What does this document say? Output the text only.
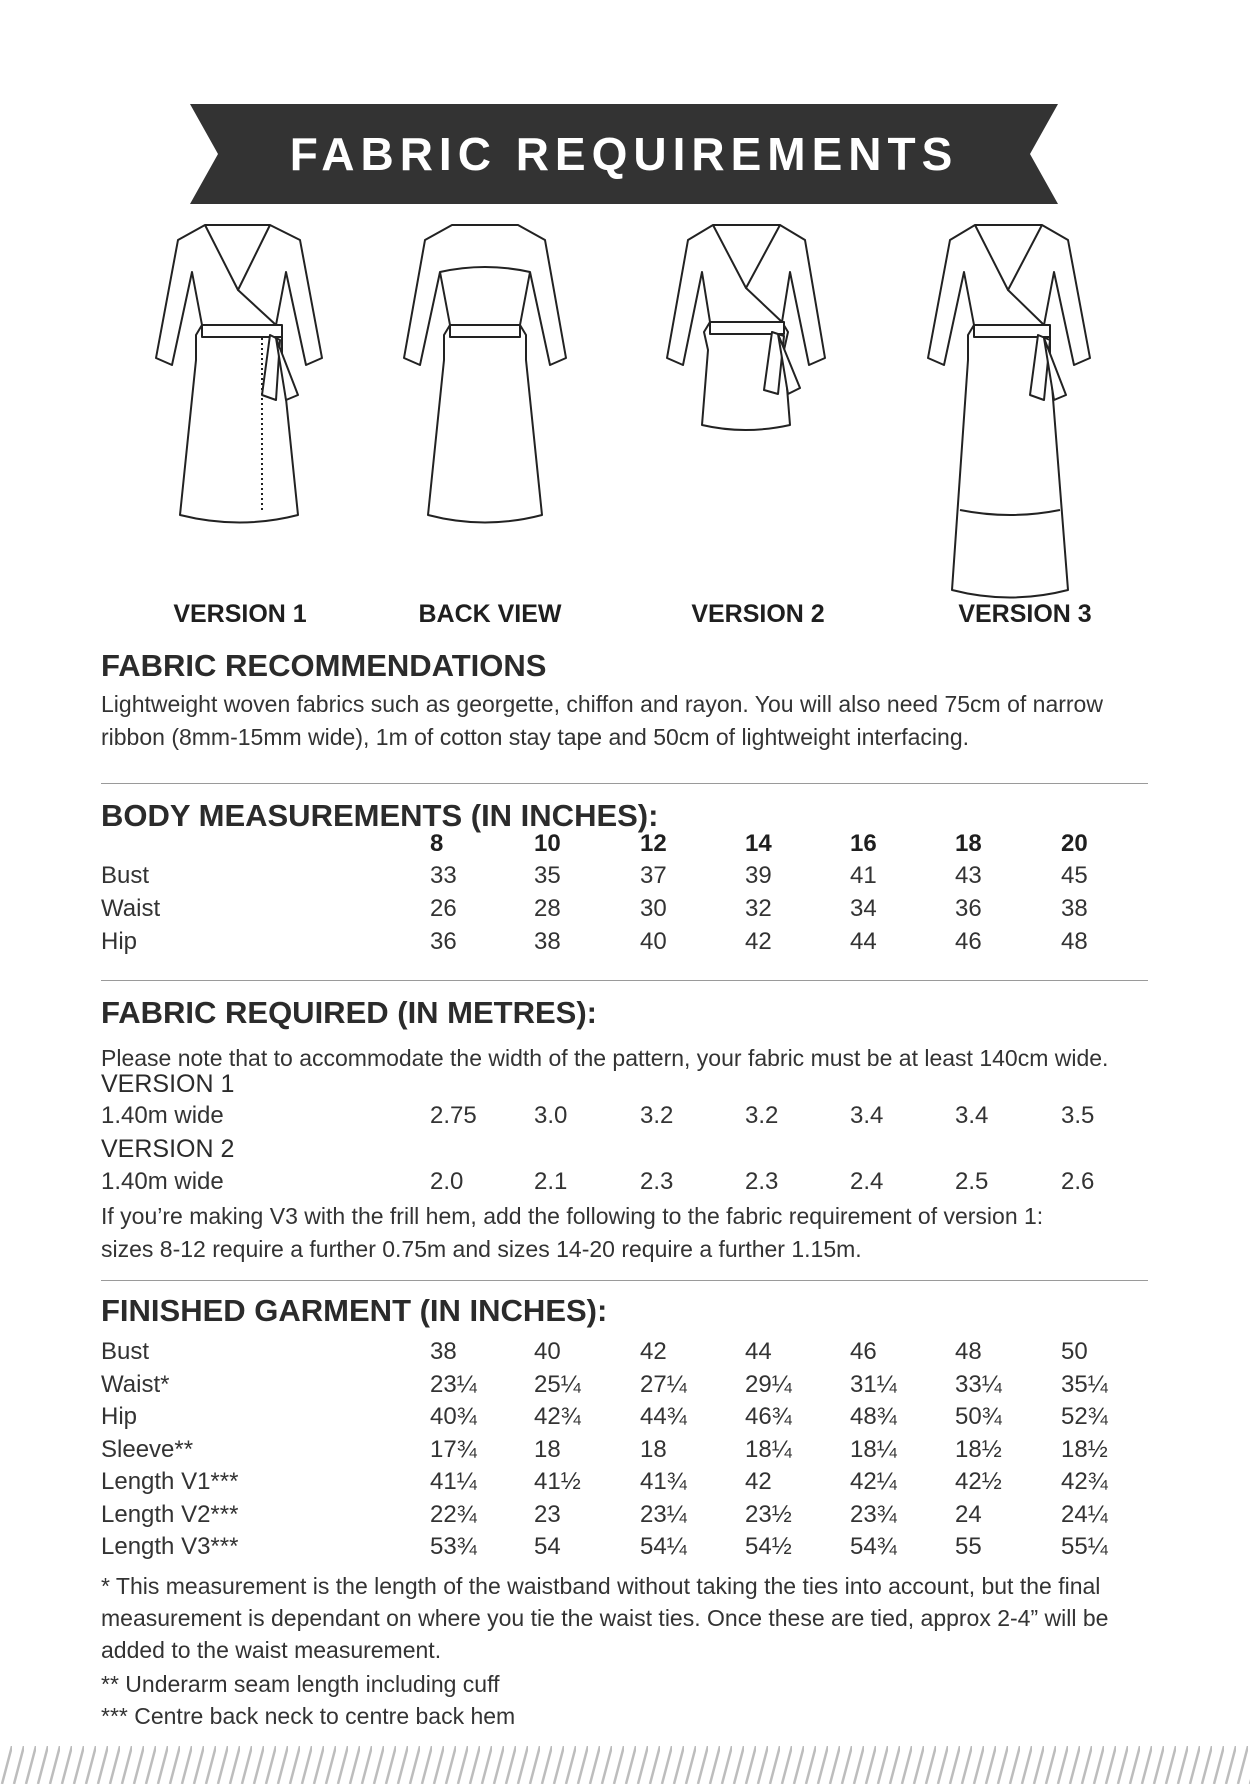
FABRIC REQUIREMENTS
VERSION 1	BACK VIEW	VERSION 2	VERSION 3
FABRIC RECOMMENDATIONS
Lightweight woven fabrics such as georgette, chiffon and rayon. You will also need 75cm of narrow
ribbon (8mm-15mm wide), 1m of cotton stay tape and 50cm of lightweight interfacing.
BODY MEASUREMENTS (IN INCHES):
8	10	12	14	16	18	20
Bust	33	35	37	39	41	43	45
Waist	26	28	30	32	34	36	38
Hip	36	38	40	42	44	46	48
FABRIC REQUIRED (IN METRES):
Please note that to accommodate the width of the pattern, your fabric must be at least 140cm wide.
VERSION 1
1.40m wide	2.75 3.0	3.2	3.2	3.4	3.4	3.5
VERSION 2
1.40m wide	2.0	2.1	2.3	2.3	2.4	2.5	2.6
If you’re making V3 with the frill hem, add the following to the fabric requirement of version 1:
sizes 8-12 require a further 0.75m and sizes 14-20 require a further 1.15m.
FINISHED GARMENT (IN INCHES):
Bust	38	40	42	44	46	48	50
Waist*	23¼ 25¼ 27¼ 29¼ 31¼ 33¼ 35¼
Hip	40¾ 42¾ 44¾ 46¾ 48¾ 50¾ 52¾
Sleeve**	17¾ 18	18	18¼ 18¼ 18½ 18½
Length V1***	41¼ 41½ 41¾ 42	42¼ 42½ 42¾
Length V2***	22¾ 23	23¼ 23½ 23¾ 24	24¼
Length V3***	53¾ 54	54¼ 54½ 54¾ 55	55¼
* This measurement is the length of the waistband without taking the ties into account, but the final
measurement is dependant on where you tie the waist ties. Once these are tied, approx 2-4” will be
added to the waist measurement.
** Underarm seam length including cuff
*** Centre back neck to centre back hem
